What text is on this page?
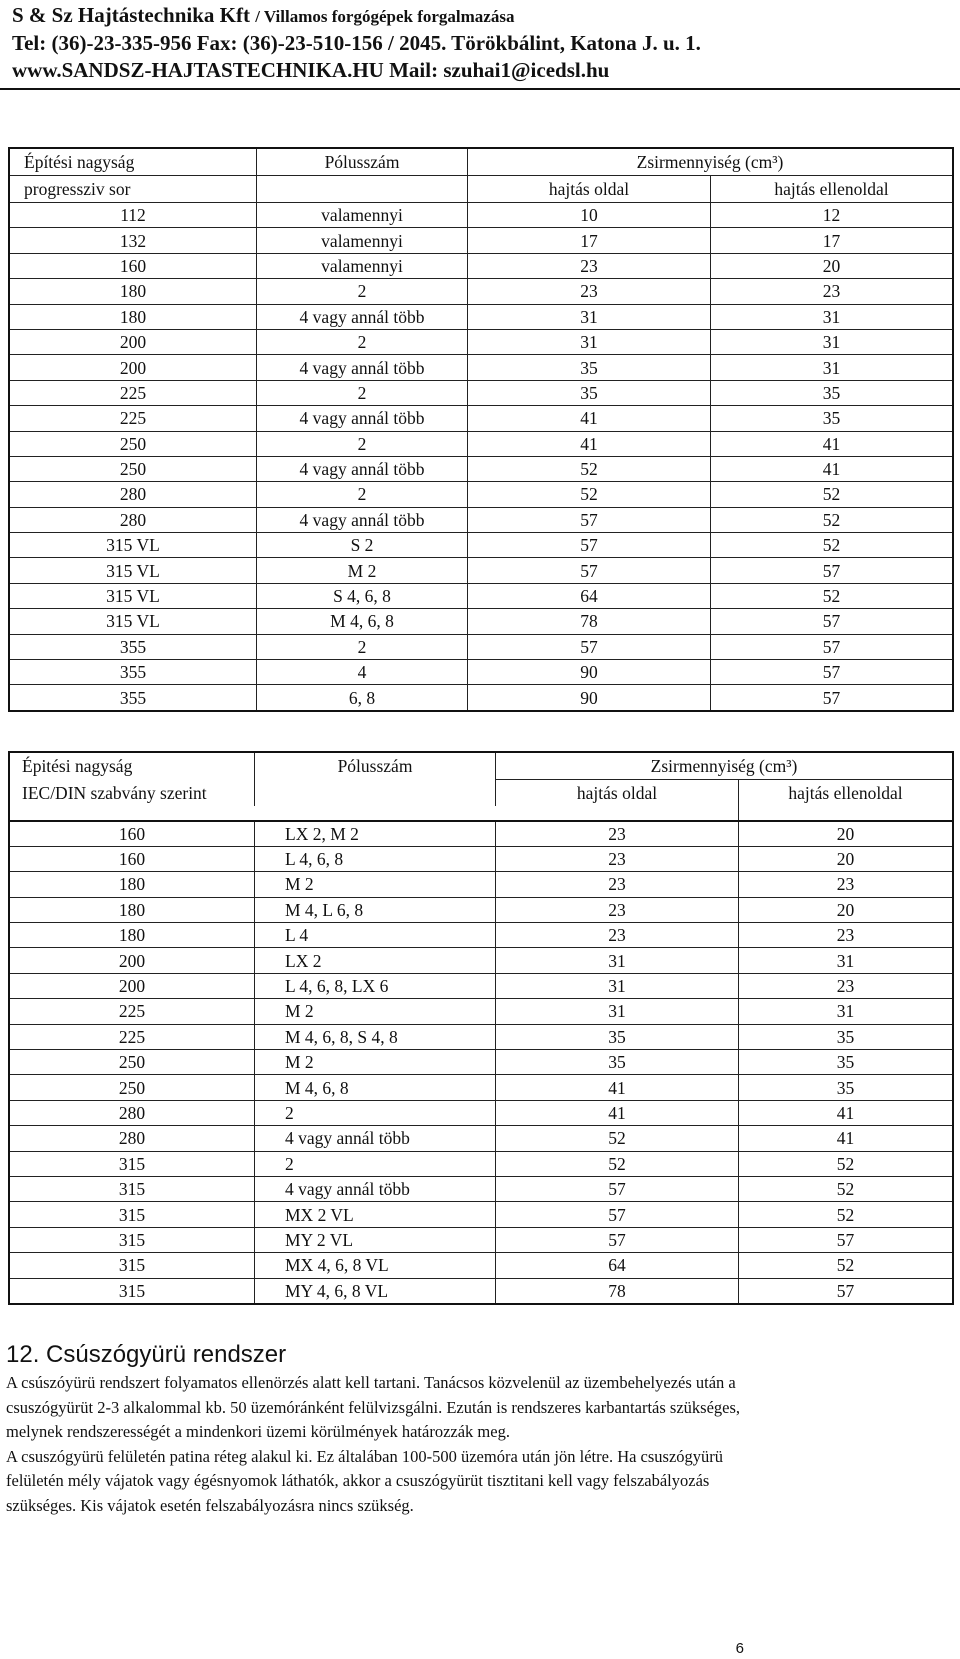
S & Sz Hajtástechnika Kft / Villamos forgógépek forgalmazása
Tel: (36)-23-335-956 Fax: (36)-23-510-156 / 2045. Törökbálint, Katona J. u. 1.
www.SANDSZ-HAJTASTECHNIKA.HU Mail: szuhai1@icedsl.hu
Építési nagyság	Pólusszám	Zsirmennyiség (cm³)	
progressziv sor		hajtás oldal	hajtás ellenoldal
112	valamennyi	10	12
132	valamennyi	17	17
160	valamennyi	23	20
180	2	23	23
180	4 vagy annál több	31	31
200	2	31	31
200	4 vagy annál több	35	31
225	2	35	35
225	4 vagy annál több	41	35
250	2	41	41
250	4 vagy annál több	52	41
280	2	52	52
280	4 vagy annál több	57	52
315 VL	S 2	57	52
315 VL	M 2	57	57
315 VL	S 4, 6, 8	64	52
315 VL	M 4, 6, 8	78	57
355	2	57	57
355	4	90	57
355	6, 8	90	57
Épitési nagyság	Pólusszám	Zsirmennyiség (cm³)	
IEC/DIN szabvány szerint		hajtás oldal	hajtás ellenoldal

160	LX 2, M 2	23	20
160	L 4, 6, 8	23	20
180	M 2	23	23
180	M 4, L 6, 8	23	20
180	L 4	23	23
200	LX 2	31	31
200	L 4, 6, 8, LX 6	31	23
225	M 2	31	31
225	M 4, 6, 8, S 4, 8	35	35
250	M 2	35	35
250	M 4, 6, 8	41	35
280	2	41	41
280	4 vagy annál több	52	41
315	2	52	52
315	4 vagy annál több	57	52
315	MX 2 VL	57	52
315	MY 2 VL	57	57
315	MX 4, 6, 8 VL	64	52
315	MY 4, 6, 8 VL	78	57
12. Csúszógyürü rendszer

A csúszóyürü rendszert folyamatos ellenörzés alatt kell tartani. Tanácsos közvelenül az üzembehelyezés után a

csuszógyürüt 2-3 alkalommal kb. 50 üzemóránként felülvizsgálni. Ezután is rendszeres karbantartás szükséges,

melynek rendszerességét a mindenkori üzemi körülmények határozzák meg.

A csuszógyürü felületén patina réteg alakul ki. Ez általában 100-500 üzemóra után jön létre. Ha csuszógyürü

felületén mély vájatok vagy égésnyomok láthatók, akkor a csuszógyürüt tisztitani kell vagy felszabályozás

szükséges. Kis vájatok esetén felszabályozásra nincs szükség.

6
